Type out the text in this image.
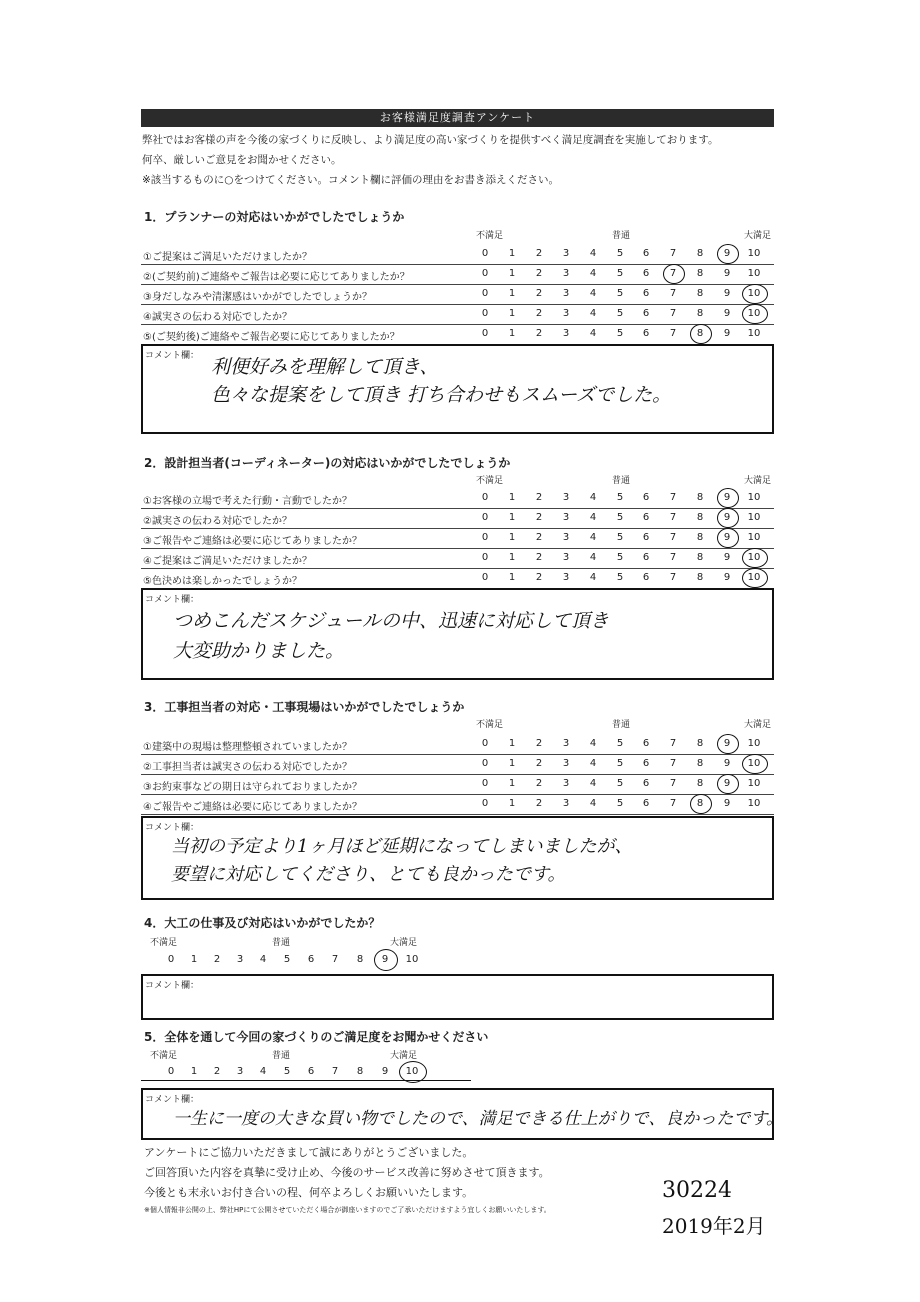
お客様満足度調査アンケート
弊社ではお客様の声を今後の家づくりに反映し、より満足度の高い家づくりを提供すべく満足度調査を実施しております。
何卒、厳しいご意見をお聞かせください。
※該当するものに○をつけてください。コメント欄に評価の理由をお書き添えください。
1．プランナーの対応はいかがでしたでしょうか
不満足	普通	大満足
①ご提案はご満足いただけましたか？	0	1	2	3	4	5	6	7	8	9	10
②(ご契約前)ご連絡やご報告は必要に応じてありましたか？	0	1	2	3	4	5	6	7	8	9	10
③身だしなみや清潔感はいかがでしたでしょうか？	0	1	2	3	4	5	6	7	8	9	10
④誠実さの伝わる対応でしたか？	0	1	2	3	4	5	6	7	8	9	10
⑤(ご契約後)ご連絡やご報告必要に応じてありましたか？	0	1	2	3	4	5	6	7	8	9	10
コメント欄： 利便好みを理解して頂き、
色々な提案をして頂き 打ち合わせもスムーズでした。
2．設計担当者(コーディネーター)の対応はいかがでしたでしょうか
不満足	普通	大満足
①お客様の立場で考えた行動・言動でしたか？	0	1	2	3	4	5	6	7	8	9	10
②誠実さの伝わる対応でしたか？	0	1	2	3	4	5	6	7	8	9	10
③ご報告やご連絡は必要に応じてありましたか？	0	1	2	3	4	5	6	7	8	9	10
④ご提案はご満足いただけましたか？	0	1	2	3	4	5	6	7	8	9	10
⑤色決めは楽しかったでしょうか？	0	1	2	3	4	5	6	7	8	9	10
コメント欄：
つめこんだスケジュールの中、迅速に対応して頂き
大変助かりました。
3．工事担当者の対応・工事現場はいかがでしたでしょうか
不満足	普通	大満足
①建築中の現場は整理整頓されていましたか？	0	1	2	3	4	5	6	7	8	9	10
②工事担当者は誠実さの伝わる対応でしたか？	0	1	2	3	4	5	6	7	8	9	10
③お約束事などの期日は守られておりましたか？	0	1	2	3	4	5	6	7	8	9	10
④ご報告やご連絡は必要に応じてありましたか？	0	1	2	3	4	5	6	7	8	9	10
コメント欄：
当初の予定より1ヶ月ほど延期になってしまいましたが、
要望に対応してくださり、とても良かったです。
4．大工の仕事及び対応はいかがでしたか？
不満足	普通	大満足
0	1	2	3	4	5	6	7	8	9	10
コメント欄：
5．全体を通して今回の家づくりのご満足度をお聞かせください
不満足	普通	大満足
0	1	2	3	4	5	6	7	8	9	10
コメント欄：
一生に一度の大きな買い物でしたので、満足できる仕上がりで、良かったです。
アンケートにご協力いただきまして誠にありがとうございました。
ご回答頂いた内容を真摯に受け止め、今後のサービス改善に努めさせて頂きます。
今後とも末永いお付き合いの程、何卒よろしくお願いいたします。
※個人情報非公開の上、弊社HPにて公開させていただく場合が御座いますのでご了承いただけますよう宜しくお願いいたします。
30224
2019年2月
